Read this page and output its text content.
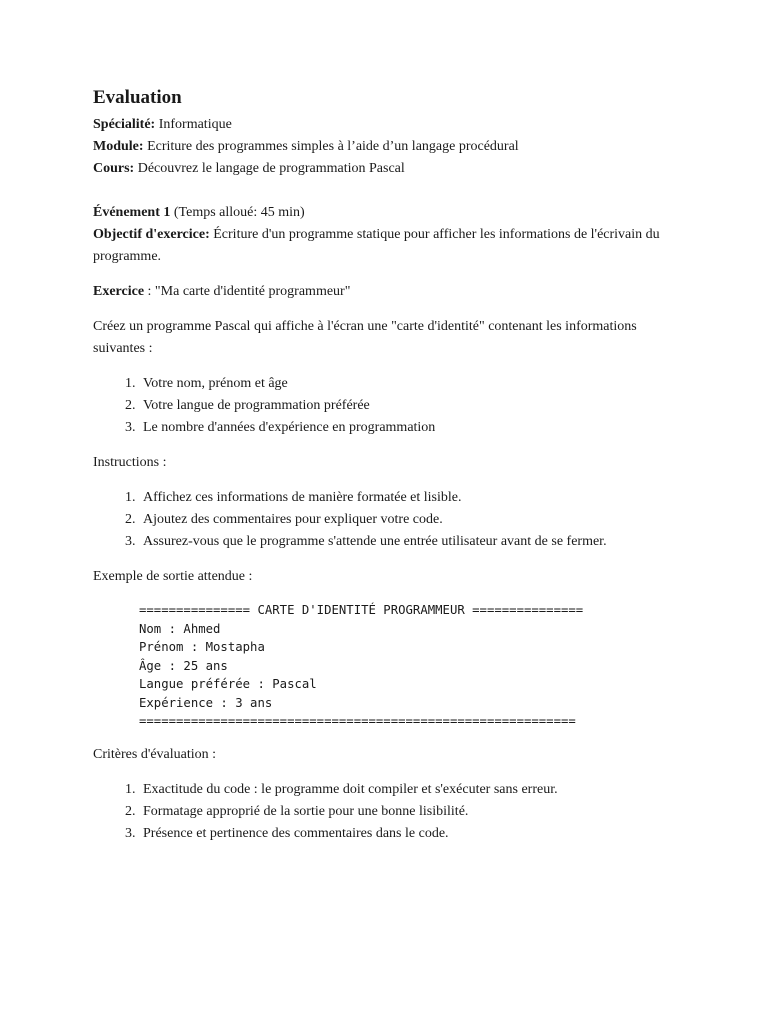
Evaluation

Spécialité: Informatique

Module: Ecriture des programmes simples à l’aide d’un langage procédural

Cours: Découvrez le langage de programmation Pascal

Événement 1 (Temps alloué: 45 min)

Objectif d'exercice: Écriture d'un programme statique pour afficher les informations de l'écrivain du programme.

Exercice : "Ma carte d'identité programmeur"

Créez un programme Pascal qui affiche à l'écran une "carte d'identité" contenant les informations suivantes :

1. Votre nom, prénom et âge
2. Votre langue de programmation préférée
3. Le nombre d'années d'expérience en programmation

Instructions :

1. Affichez ces informations de manière formatée et lisible.
2. Ajoutez des commentaires pour expliquer votre code.
3. Assurez-vous que le programme s'attende une entrée utilisateur avant de se fermer.

Exemple de sortie attendue :

=============== CARTE D'IDENTITÉ PROGRAMMEUR ===============
Nom : Ahmed
Prénom : Mostapha
Âge : 25 ans
Langue préférée : Pascal
Expérience : 3 ans
===========================================================

Critères d'évaluation :

1. Exactitude du code : le programme doit compiler et s'exécuter sans erreur.
2. Formatage approprié de la sortie pour une bonne lisibilité.
3. Présence et pertinence des commentaires dans le code.
